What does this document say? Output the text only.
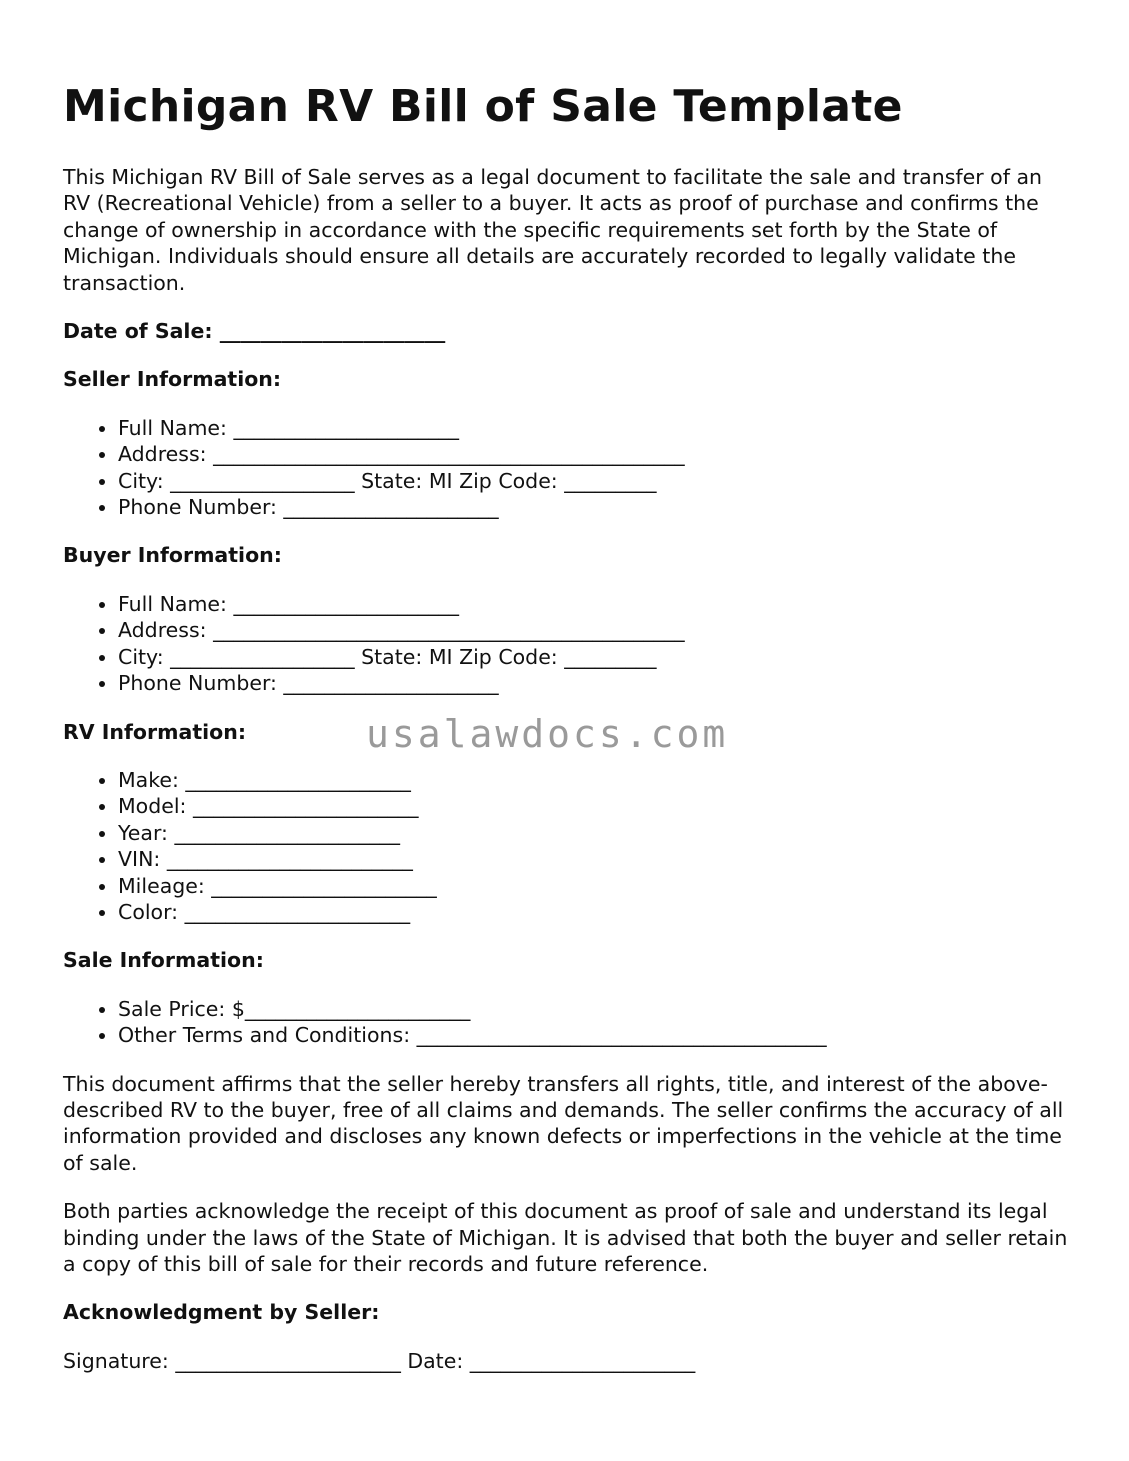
Michigan RV Bill of Sale Template

This Michigan RV Bill of Sale serves as a legal document to facilitate the sale and transfer of an RV (Recreational Vehicle) from a seller to a buyer. It acts as proof of purchase and confirms the change of ownership in accordance with the specific requirements set forth by the State of Michigan. Individuals should ensure all details are accurately recorded to legally validate the transaction.

Date of Sale: ______________________
Seller Information:
• Full Name: ______________________
• Address: ______________________________________________
• City: __________________ State: MI Zip Code: _________
• Phone Number: _____________________
Buyer Information:
• Full Name: ______________________
• Address: ______________________________________________
• City: __________________ State: MI Zip Code: _________
• Phone Number: _____________________
RV Information:
• Make: ______________________
• Model: ______________________
• Year: ______________________
• VIN: ________________________
• Mileage: ______________________
• Color: ______________________
Sale Information:
• Sale Price: $______________________
• Other Terms and Conditions: ________________________________________

This document affirms that the seller hereby transfers all rights, title, and interest of the above-described RV to the buyer, free of all claims and demands. The seller confirms the accuracy of all information provided and discloses any known defects or imperfections in the vehicle at the time of sale.

Both parties acknowledge the receipt of this document as proof of sale and understand its legal binding under the laws of the State of Michigan. It is advised that both the buyer and seller retain a copy of this bill of sale for their records and future reference.

Acknowledgment by Seller:

Signature: ______________________ Date: ______________________

usalawdocs.com
